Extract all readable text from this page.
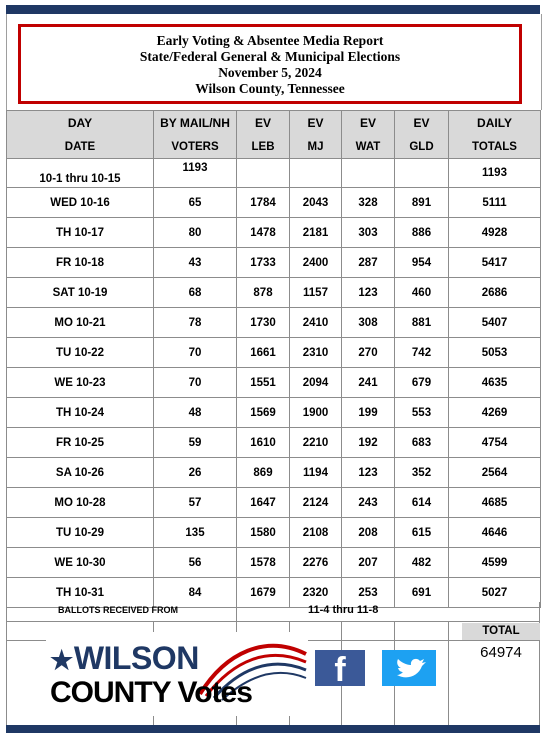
Early Voting & Absentee Media Report
State/Federal General & Municipal Elections
November 5, 2024
Wilson County, Tennessee
DAY	BY MAIL/NH	EV	EV	EV	EV	DAILY
DATE	VOTERS	LEB	MJ	WAT	GLD	TOTALS
10-1 thru 10-15	1193					1193
WED 10-16	65	1784	2043	328	891	5111
TH 10-17	80	1478	2181	303	886	4928
FR 10-18	43	1733	2400	287	954	5417
SAT 10-19	68	878	1157	123	460	2686
MO 10-21	78	1730	2410	308	881	5407
TU 10-22	70	1661	2310	270	742	5053
WE 10-23	70	1551	2094	241	679	4635
TH 10-24	48	1569	1900	199	553	4269
FR 10-25	59	1610	2210	192	683	4754
SA 10-26	26	869	1194	123	352	2564
MO 10-28	57	1647	2124	243	614	4685
TU 10-29	135	1580	2108	208	615	4646
WE 10-30	56	1578	2276	207	482	4599
TH 10-31	84	1679	2320	253	691	5027
BALLOTS RECEIVED FROM	11-4 thru 11-8
TOTAL
64974
★WILSON
COUNTY Votes
f
